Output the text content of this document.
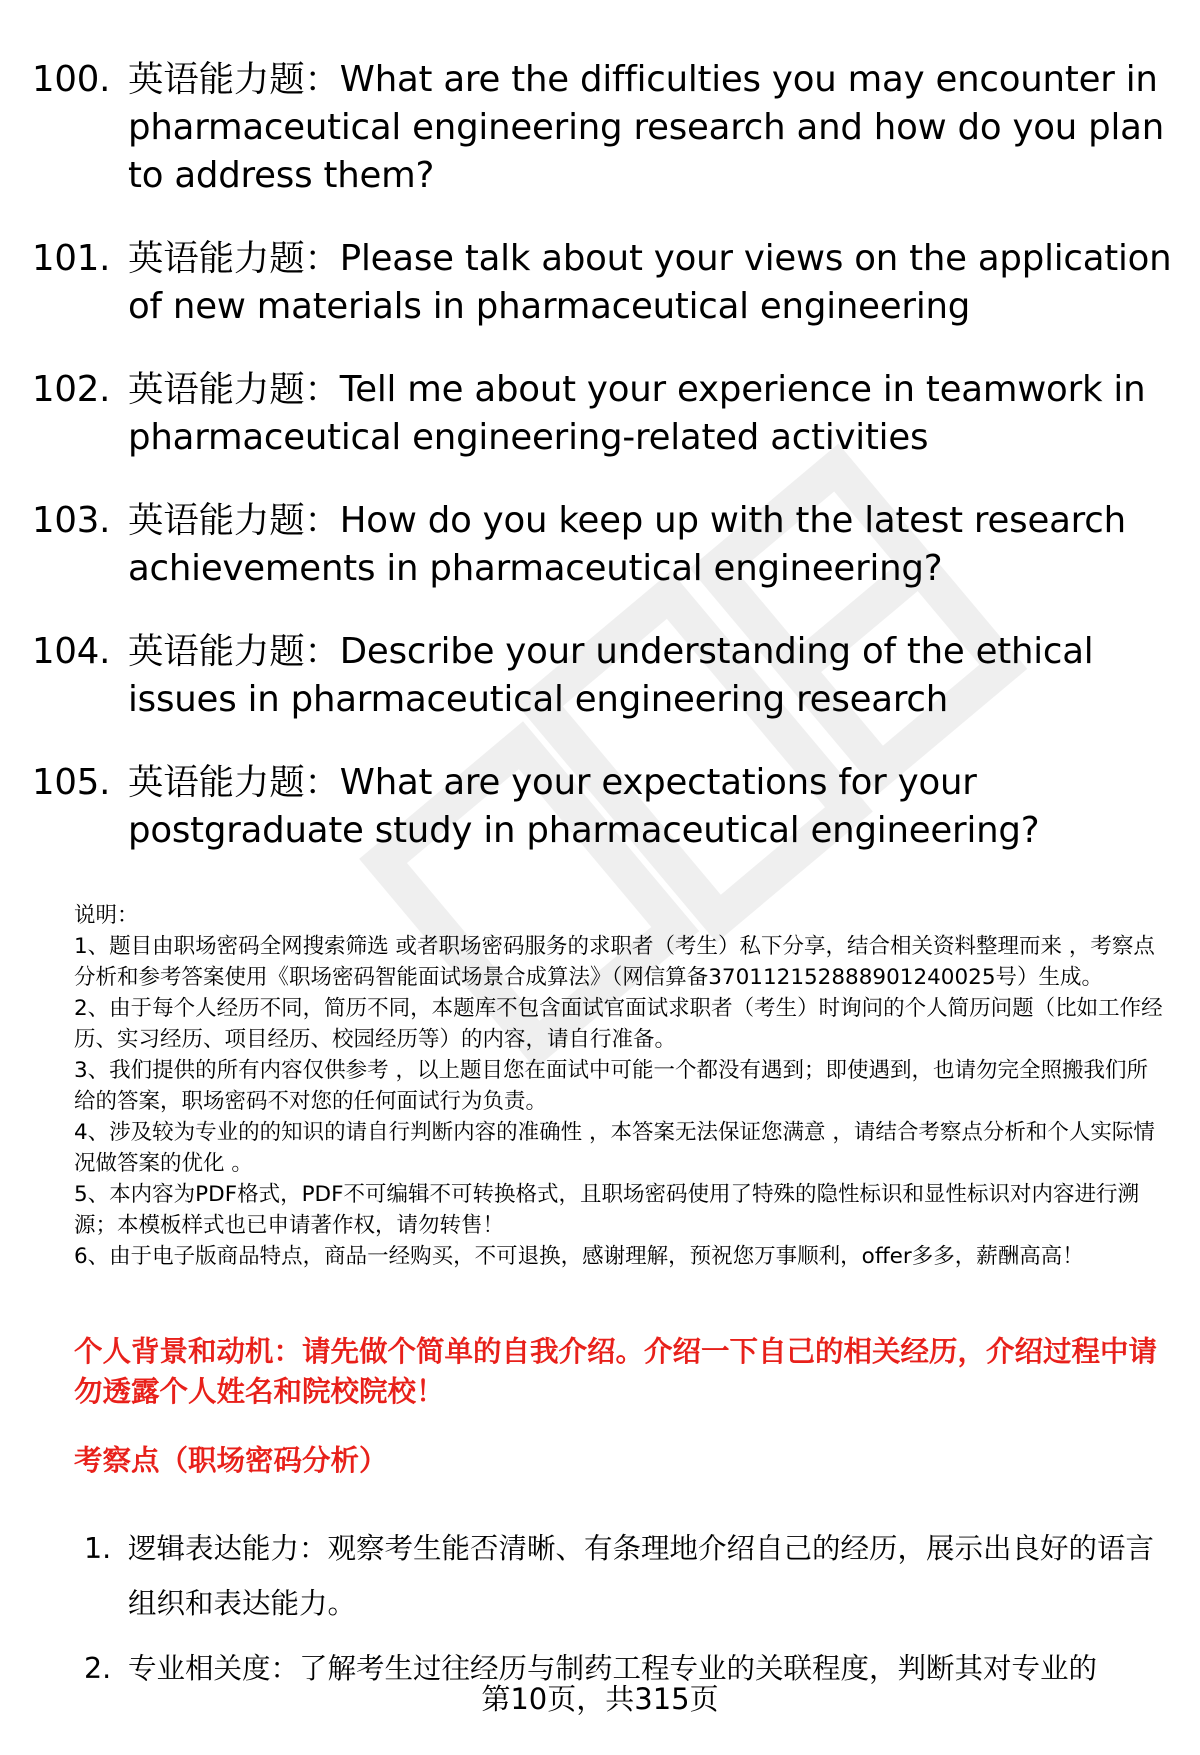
100. 英语能力题：What are the difficulties you may encounter in pharmaceutical engineering research and how do you plan to address them?
101. 英语能力题：Please talk about your views on the application of new materials in pharmaceutical engineering
102. 英语能力题：Tell me about your experience in teamwork in pharmaceutical engineering-related activities
103. 英语能力题：How do you keep up with the latest research achievements in pharmaceutical engineering?
104. 英语能力题：Describe your understanding of the ethical issues in pharmaceutical engineering research
105. 英语能力题：What are your expectations for your postgraduate study in pharmaceutical engineering?

说明：

1、题目由职场密码全网搜索筛选 或者职场密码服务的求职者（考生）私下分享，结合相关资料整理而来 ，考察点分析和参考答案使用《职场密码智能面试场景合成算法》（网信算备370112152888901240025号）生成。

2、由于每个人经历不同，简历不同，本题库不包含面试官面试求职者（考生）时询问的个人简历问题（比如工作经历、实习经历、项目经历、校园经历等）的内容，请自行准备。

3、我们提供的所有内容仅供参考 ，以上题目您在面试中可能一个都没有遇到；即使遇到，也请勿完全照搬我们所给的答案，职场密码不对您的任何面试行为负责。

4、涉及较为专业的的知识的请自行判断内容的准确性 ，本答案无法保证您满意 ，请结合考察点分析和个人实际情况做答案的优化 。

5、本内容为PDF格式，PDF不可编辑不可转换格式，且职场密码使用了特殊的隐性标识和显性标识对内容进行溯源；本模板样式也已申请著作权，请勿转售！

6、由于电子版商品特点，商品一经购买，不可退换，感谢理解，预祝您万事顺利，offer多多，薪酬高高！

个人背景和动机：请先做个简单的自我介绍。介绍一下自己的相关经历，介绍过程中请勿透露个人姓名和院校院校！

考察点（职场密码分析）

1. 逻辑表达能力：观察考生能否清晰、有条理地介绍自己的经历，展示出良好的语言组织和表达能力。
2. 专业相关度：了解考生过往经历与制药工程专业的关联程度，判断其对专业的
第10页，共315页
